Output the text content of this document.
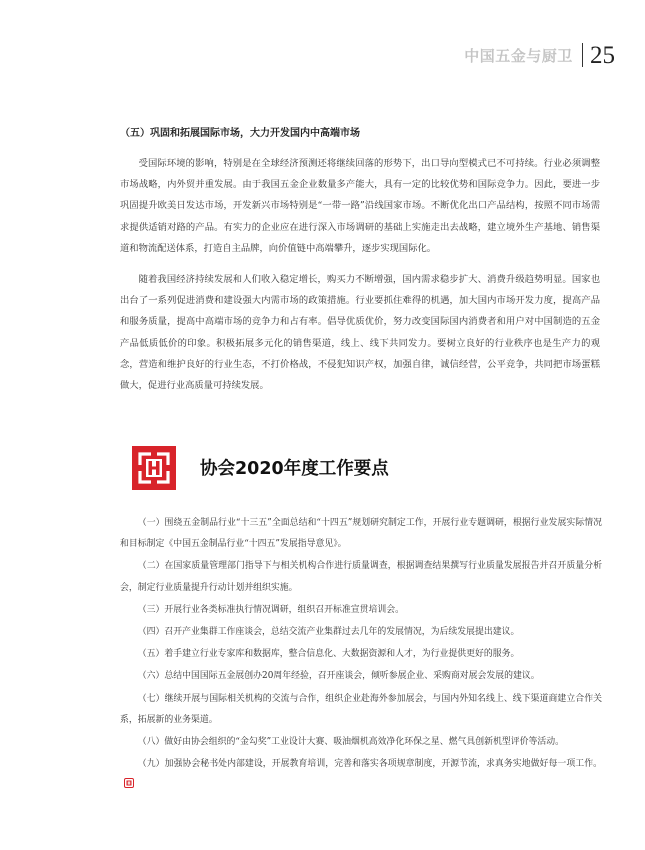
中国五金与厨卫 25
（五）巩固和拓展国际市场，大力开发国内中高端市场

受国际环境的影响，特别是在全球经济预测还将继续回落的形势下，出口导向型模式已不可持续。行业必须调整市场战略，内外贸并重发展。由于我国五金企业数量多产能大，具有一定的比较优势和国际竞争力。因此，要进一步巩固提升欧美日发达市场，开发新兴市场特别是“一带一路”沿线国家市场。不断优化出口产品结构，按照不同市场需求提供适销对路的产品。有实力的企业应在进行深入市场调研的基础上实施走出去战略，建立境外生产基地、销售渠道和物流配送体系，打造自主品牌，向价值链中高端攀升，逐步实现国际化。

随着我国经济持续发展和人们收入稳定增长，购买力不断增强，国内需求稳步扩大、消费升级趋势明显。国家也出台了一系列促进消费和建设强大内需市场的政策措施。行业要抓住难得的机遇，加大国内市场开发力度，提高产品和服务质量，提高中高端市场的竞争力和占有率。倡导优质优价，努力改变国际国内消费者和用户对中国制造的五金产品低质低价的印象。积极拓展多元化的销售渠道，线上、线下共同发力。要树立良好的行业秩序也是生产力的观念，营造和维护良好的行业生态，不打价格战，不侵犯知识产权，加强自律，诚信经营，公平竞争，共同把市场蛋糕做大，促进行业高质量可持续发展。

协会2020年度工作要点
（一）围绕五金制品行业“十三五”全面总结和“十四五”规划研究制定工作，开展行业专题调研，根据行业发展实际情况和目标制定《中国五金制品行业“十四五”发展指导意见》。
（二）在国家质量管理部门指导下与相关机构合作进行质量调查，根据调查结果撰写行业质量发展报告并召开质量分析会，制定行业质量提升行动计划并组织实施。
（三）开展行业各类标准执行情况调研，组织召开标准宣贯培训会。
（四）召开产业集群工作座谈会，总结交流产业集群过去几年的发展情况，为后续发展提出建议。
（五）着手建立行业专家库和数据库，整合信息化、大数据资源和人才，为行业提供更好的服务。
（六）总结中国国际五金展创办20周年经验，召开座谈会，倾听参展企业、采购商对展会发展的建议。
（七）继续开展与国际相关机构的交流与合作，组织企业赴海外参加展会，与国内外知名线上、线下渠道商建立合作关系，拓展新的业务渠道。
（八）做好由协会组织的“金勾奖”工业设计大赛、吸油烟机高效净化环保之星、燃气具创新机型评价等活动。
（九）加强协会秘书处内部建设，开展教育培训，完善和落实各项规章制度，开源节流，求真务实地做好每一项工作。
